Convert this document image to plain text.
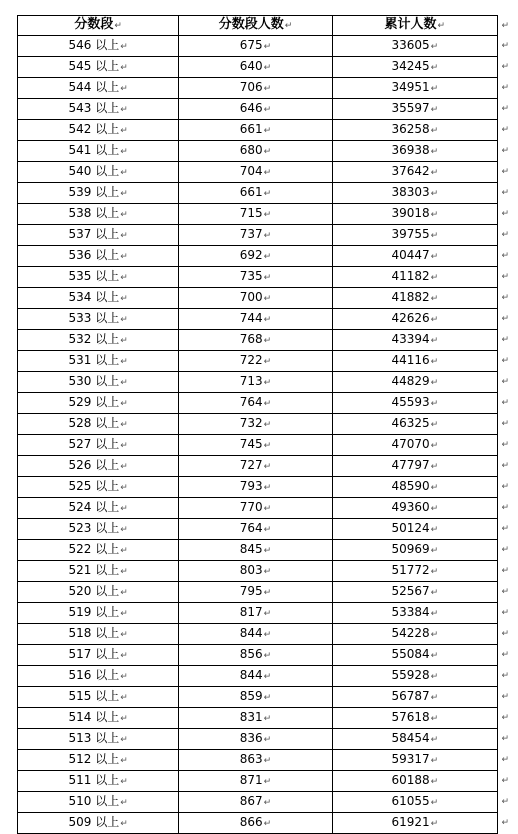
分数段↵	分数段人数↵	累计人数↵
546 以上↵	675↵	33605↵
545 以上↵	640↵	34245↵
544 以上↵	706↵	34951↵
543 以上↵	646↵	35597↵
542 以上↵	661↵	36258↵
541 以上↵	680↵	36938↵
540 以上↵	704↵	37642↵
539 以上↵	661↵	38303↵
538 以上↵	715↵	39018↵
537 以上↵	737↵	39755↵
536 以上↵	692↵	40447↵
535 以上↵	735↵	41182↵
534 以上↵	700↵	41882↵
533 以上↵	744↵	42626↵
532 以上↵	768↵	43394↵
531 以上↵	722↵	44116↵
530 以上↵	713↵	44829↵
529 以上↵	764↵	45593↵
528 以上↵	732↵	46325↵
527 以上↵	745↵	47070↵
526 以上↵	727↵	47797↵
525 以上↵	793↵	48590↵
524 以上↵	770↵	49360↵
523 以上↵	764↵	50124↵
522 以上↵	845↵	50969↵
521 以上↵	803↵	51772↵
520 以上↵	795↵	52567↵
519 以上↵	817↵	53384↵
518 以上↵	844↵	54228↵
517 以上↵	856↵	55084↵
516 以上↵	844↵	55928↵
515 以上↵	859↵	56787↵
514 以上↵	831↵	57618↵
513 以上↵	836↵	58454↵
512 以上↵	863↵	59317↵
511 以上↵	871↵	60188↵
510 以上↵	867↵	61055↵
509 以上↵	866↵	61921↵
↵
↵
↵
↵
↵
↵
↵
↵
↵
↵
↵
↵
↵
↵
↵
↵
↵
↵
↵
↵
↵
↵
↵
↵
↵
↵
↵
↵
↵
↵
↵
↵
↵
↵
↵
↵
↵
↵
↵
